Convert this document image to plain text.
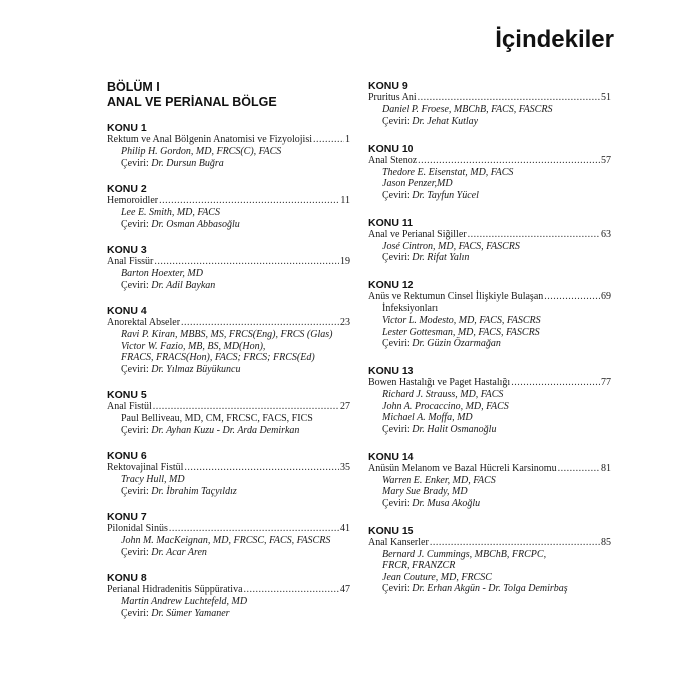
İçindekiler
BÖLÜM I
ANAL VE PERİANAL BÖLGE
KONU 1
Rektum ve Anal Bölgenin Anatomisi ve Fizyolojisi .....	1
Philip H. Gordon, MD, FRCS(C), FACS
Çeviri: Dr. Dursun Buğra
KONU 2
Hemoroidler .....	11
Lee E. Smith, MD, FACS
Çeviri: Dr. Osman Abbasoğlu
KONU 3
Anal Fissür .....	19
Barton Hoexter, MD
Çeviri: Dr. Adil Baykan
KONU 4
Anorektal Abseler .....	23
Ravi P. Kiran, MBBS, MS, FRCS(Eng), FRCS (Glas)
Victor W. Fazio, MB, BS, MD(Hon),
FRACS, FRACS(Hon), FACS; FRCS; FRCS(Ed)
Çeviri: Dr. Yılmaz Büyükuncu
KONU 5
Anal Fistül .....	27
Paul Belliveau, MD, CM, FRCSC, FACS, FICS
Çeviri: Dr. Ayhan Kuzu - Dr. Arda Demirkan
KONU 6
Rektovajinal Fistül .....	35
Tracy Hull, MD
Çeviri: Dr. İbrahim Taçyıldız
KONU 7
Pilonidal Sinüs .....	41
John M. MacKeignan, MD, FRCSC, FACS, FASCRS
Çeviri: Dr. Acar Aren
KONU 8
Perianal Hidradenitis Süppürativa .....	47
Martin Andrew Luchtefeld, MD
Çeviri: Dr. Sümer Yamaner
KONU 9
Pruritus Ani .....	51
Daniel P. Froese, MBChB, FACS, FASCRS
Çeviri: Dr. Jehat Kutlay
KONU 10
Anal Stenoz .....	57
Thedore E. Eisenstat, MD, FACS
Jason Penzer,MD
Çeviri: Dr. Tayfun Yücel
KONU 11
Anal ve Perianal Siğiller .....	63
José Cintron, MD, FACS, FASCRS
Çeviri: Dr. Rifat Yalın
KONU 12
Anüs ve Rektumun Cinsel İlişkiyle Bulaşan .....	69
İnfeksiyonları
Victor L. Modesto, MD, FACS, FASCRS
Lester Gottesman, MD, FACS, FASCRS
Çeviri: Dr. Güzin Özarmağan
KONU 13
Bowen Hastalığı ve Paget Hastalığı .....	77
Richard J. Strauss, MD, FACS
John A. Procaccino, MD, FACS
Michael A. Moffa, MD
Çeviri: Dr. Halit Osmanoğlu
KONU 14
Anüsün Melanom ve Bazal Hücreli Karsinomu .....	81
Warren E. Enker, MD, FACS
Mary Sue Brady, MD
Çeviri: Dr. Musa Akoğlu
KONU 15
Anal Kanserler .....	85
Bernard J. Cummings, MBChB, FRCPC,
FRCR, FRANZCR
Jean Couture, MD, FRCSC
Çeviri: Dr. Erhan Akgün - Dr. Tolga Demirbaş
